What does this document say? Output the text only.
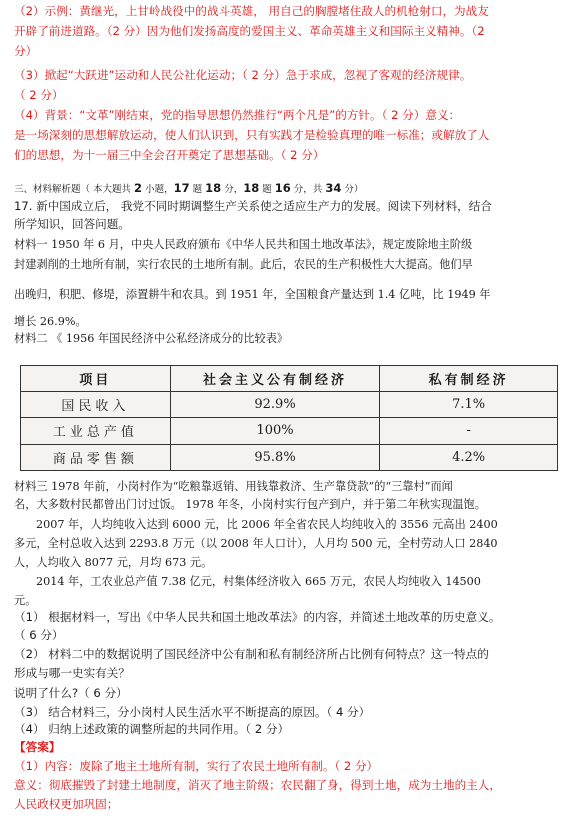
（2）示例：黄继光，上甘岭战役中的战斗英雄， 用自己的胸膛堵住敌人的机枪射口，为战友
开辟了前进道路。（2 分）因为他们发扬高度的爱国主义、革命英雄主义和国际主义精神。（2
分）
（3）掀起“大跃进”运动和人民公社化运动；（ 2 分）急于求成，忽视了客观的经济规律。
（ 2 分）
（4）背景：“文革”刚结束，党的指导思想仍然推行“两个凡是”的方针。（ 2 分）意义：
是一场深刻的思想解放运动，使人们认识到，只有实践才是检验真理的唯一标准；或解放了人
们的思想，为十一届三中全会召开奠定了思想基础。（ 2 分）
三、材料解析题（ 本大题共 2 小题，17 题 18 分，18 题 16 分，共 34 分）
17. 新中国成立后， 我党不同时期调整生产关系使之适应生产力的发展。阅读下列材料，结合
所学知识，回答问题。
材料一 1950 年 6 月，中央人民政府颁布《中华人民共和国土地改革法》，规定废除地主阶级
封建剥削的土地所有制，实行农民的土地所有制。此后，农民的生产积极性大大提高。他们早
出晚归，积肥、修堤，添置耕牛和农具。到 1951 年，全国粮食产量达到 1.4 亿吨，比 1949 年
增长 26.9%。
材料二 《 1956 年国民经济中公私经济成分的比较表》
项目	社会主义公有制经济	私有制经济
国民收入	92.9%	7.1%
工业总产值	100%	-
商品零售额	95.8%	4.2%
材料三 1978 年前，小岗村作为“吃粮靠返销、用钱靠救济、生产靠贷款”的“三靠村”而闻
名，大多数村民都曾出门讨过饭。 1978 年冬，小岗村实行包产到户，并于第二年秋实现温饱。
2007 年，人均纯收入达到 6000 元，比 2006 年全省农民人均纯收入的 3556 元高出 2400
多元，全村总收入达到 2293.8 万元（以 2008 年人口计），人月均 500 元，全村劳动人口 2840
人，人均收入 8077 元，月均 673 元。
2014 年，工农业总产值 7.38 亿元，村集体经济收入 665 万元，农民人均纯收入 14500
元。
（1） 根据材料一，写出《中华人民共和国土地改革法》的内容，并简述土地改革的历史意义。
（ 6 分）
（2） 材料二中的数据说明了国民经济中公有制和私有制经济所占比例有何特点？这一特点的
形成与哪一史实有关？
说明了什么?（ 6 分）
（3） 结合材料三，分小岗村人民生活水平不断提高的原因。（ 4 分）
（4） 归纳上述政策的调整所起的共同作用。（ 2 分）
【答案】
（1）内容：废除了地主土地所有制，实行了农民土地所有制。（ 2 分）
意义：彻底摧毁了封建土地制度，消灭了地主阶级；农民翻了身，得到土地，成为土地的主人，
人民政权更加巩固；
